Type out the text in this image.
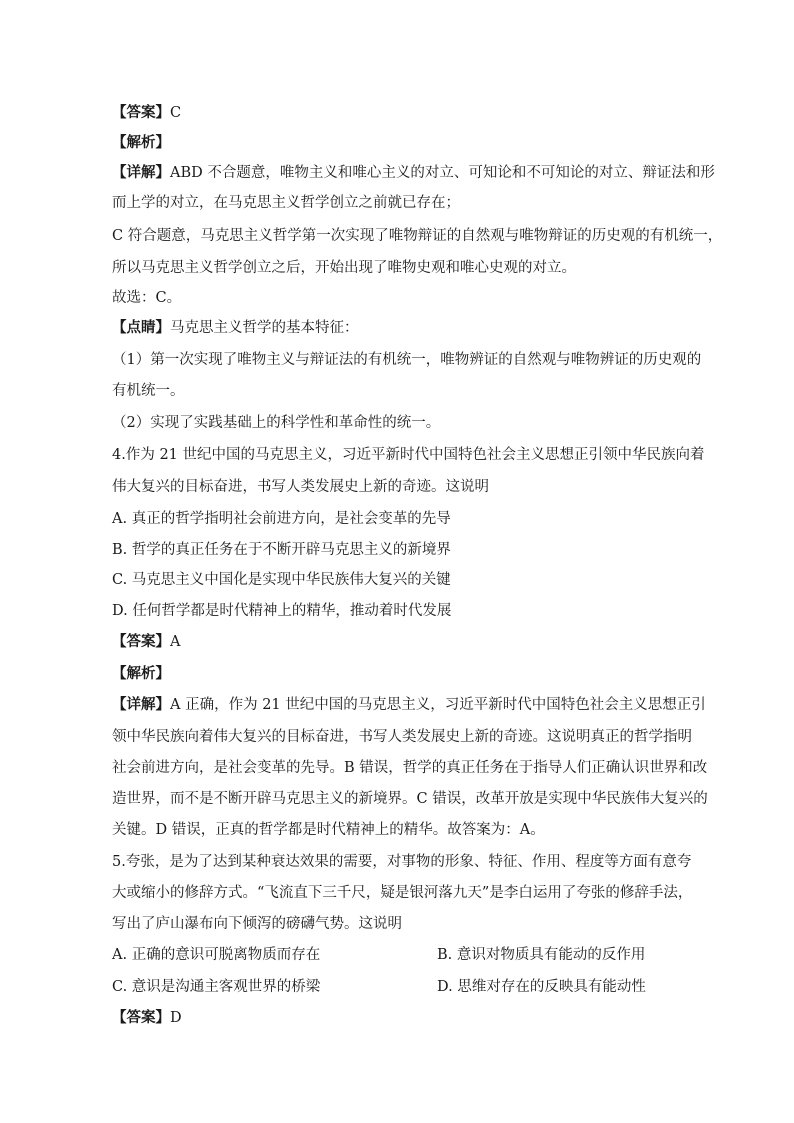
【答案】C
【解析】
【详解】ABD 不合题意，唯物主义和唯心主义的对立、可知论和不可知论的对立、辩证法和形
而上学的对立，在马克思主义哲学创立之前就已存在；
C 符合题意，马克思主义哲学第一次实现了唯物辩证的自然观与唯物辩证的历史观的有机统一，
所以马克思主义哲学创立之后，开始出现了唯物史观和唯心史观的对立。
故选：C。
【点睛】马克思主义哲学的基本特征：
（1）第一次实现了唯物主义与辩证法的有机统一，唯物辨证的自然观与唯物辨证的历史观的
有机统一。
（2）实现了实践基础上的科学性和革命性的统一。
4.作为 21 世纪中国的马克思主义，习近平新时代中国特色社会主义思想正引领中华民族向着
伟大复兴的目标奋进，书写人类发展史上新的奇迹。这说明
A. 真正的哲学指明社会前进方向，是社会变革的先导
B. 哲学的真正任务在于不断开辟马克思主义的新境界
C. 马克思主义中国化是实现中华民族伟大复兴的关键
D. 任何哲学都是时代精神上的精华，推动着时代发展
【答案】A
【解析】
【详解】A 正确，作为 21 世纪中国的马克思主义，习近平新时代中国特色社会主义思想正引
领中华民族向着伟大复兴的目标奋进，书写人类发展史上新的奇迹。这说明真正的哲学指明
社会前进方向，是社会变革的先导。B 错误，哲学的真正任务在于指导人们正确认识世界和改
造世界，而不是不断开辟马克思主义的新境界。C 错误，改革开放是实现中华民族伟大复兴的
关键。D 错误，正真的哲学都是时代精神上的精华。故答案为：A。
5.夸张，是为了达到某种衰达效果的需要，对事物的形象、特征、作用、程度等方面有意夸
大或缩小的修辞方式。“飞流直下三千尺，疑是银河落九天”是李白运用了夸张的修辞手法，
写出了庐山瀑布向下倾泻的磅礴气势。这说明
A. 正确的意识可脱离物质而存在	B. 意识对物质具有能动的反作用
C. 意识是沟通主客观世界的桥梁	D. 思维对存在的反映具有能动性
【答案】D
